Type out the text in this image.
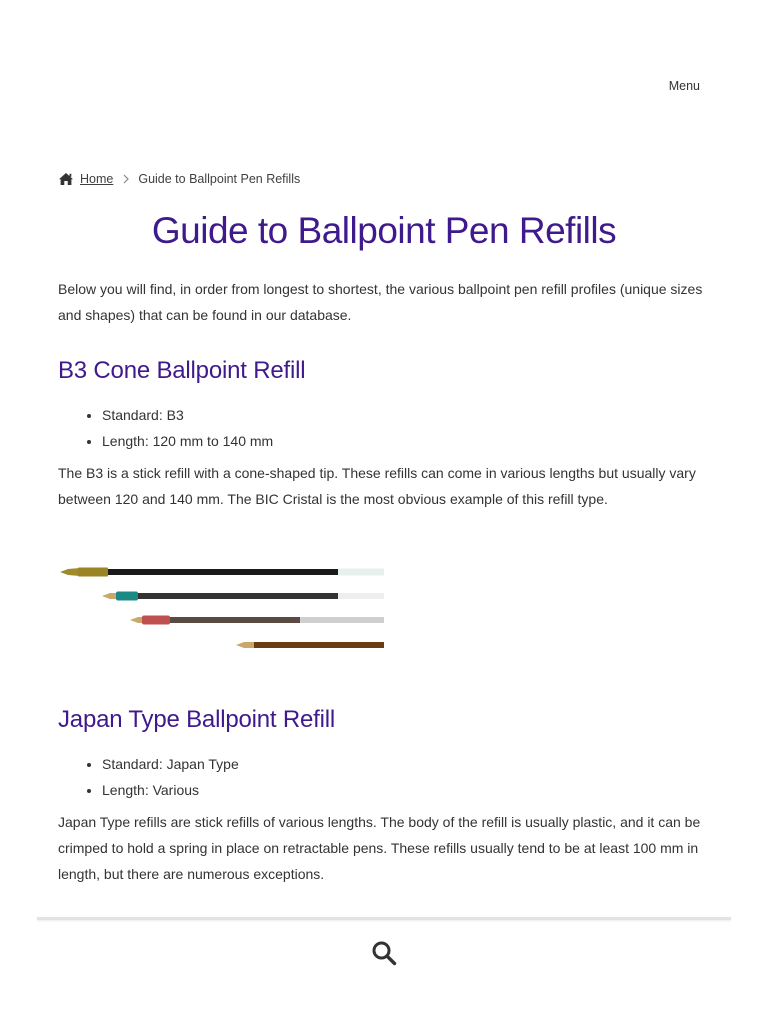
Menu
Home Guide to Ballpoint Pen Refills
Guide to Ballpoint Pen Refills

Below you will find, in order from longest to shortest, the various ballpoint pen refill profiles (unique sizes and shapes) that can be found in our database.

B3 Cone Ballpoint Refill
• Standard: B3
• Length: 120 mm to 140 mm

The B3 is a stick refill with a cone-shaped tip. These refills can come in various lengths but usually vary between 120 and 140 mm. The BIC Cristal is the most obvious example of this refill type.

Japan Type Ballpoint Refill
• Standard: Japan Type
• Length: Various

Japan Type refills are stick refills of various lengths. The body of the refill is usually plastic, and it can be crimped to hold a spring in place on retractable pens. These refills usually tend to be at least 100 mm in length, but there are numerous exceptions.
